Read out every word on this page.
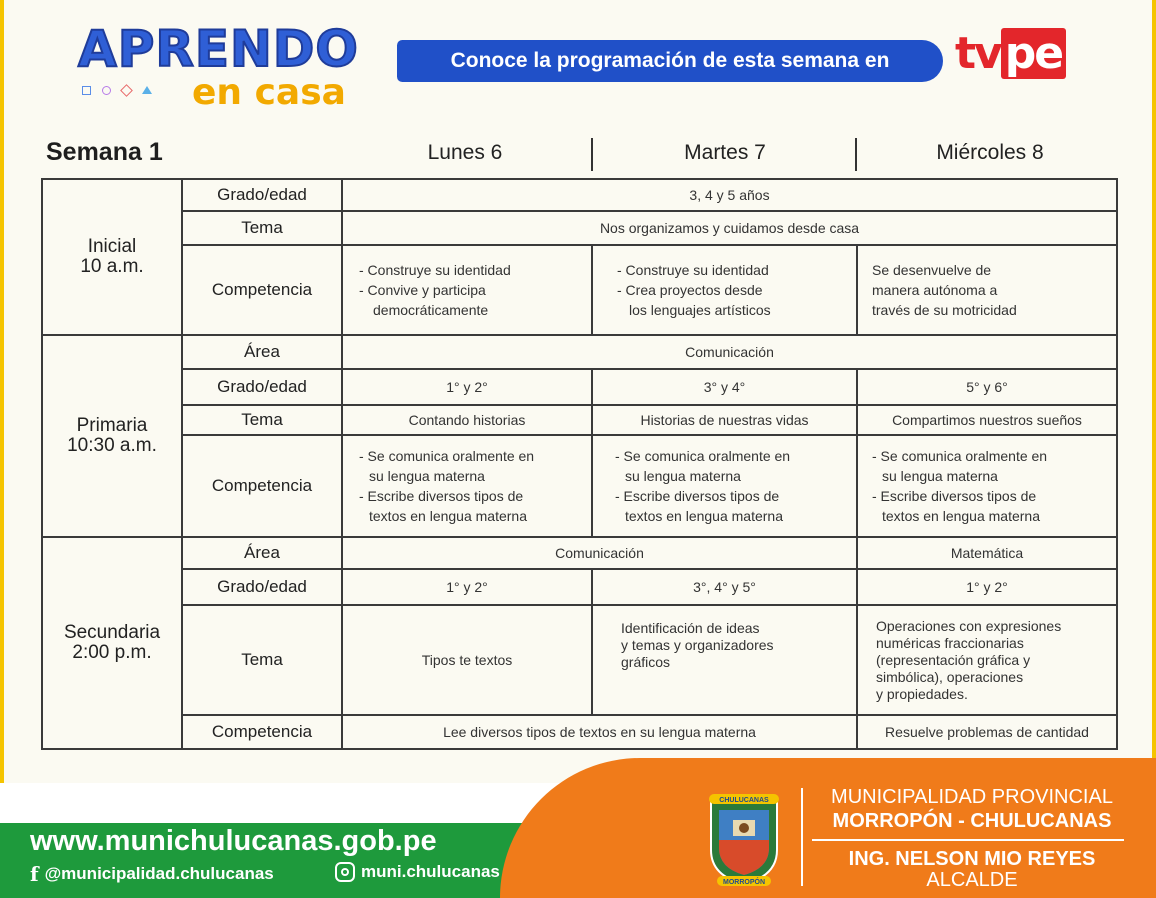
APRENDO
en casa
Conoce la programación de esta semana en	tvpe
Semana 1	Lunes 6	Martes 7	Miércoles 8
Inicial
10 a.m.	Grado/edad	3, 4 y 5 años		
	Tema	Nos organizamos y cuidamos desde casa		
	Competencia	- Construye su identidad
- Convive y participa
democráticamente	- Construye su identidad
- Crea proyectos desde
los lenguajes artísticos	Se desenvuelve de
manera autónoma a
través de su motricidad

Primaria
10:30 a.m.	Área	Comunicación		
	Grado/edad	1° y 2°	3° y 4°	5° y 6°
	Tema	Contando historias	Historias de nuestras vidas	Compartimos nuestros sueños
	Competencia	- Se comunica oralmente en
su lengua materna
- Escribe diversos tipos de
textos en lengua materna	- Se comunica oralmente en
su lengua materna
- Escribe diversos tipos de
textos en lengua materna	- Se comunica oralmente en
su lengua materna
- Escribe diversos tipos de
textos en lengua materna

Secundaria
2:00 p.m.	Área	Comunicación		Matemática
	Grado/edad	1° y 2°	3°, 4° y 5°	1° y 2°
	Tema	Tipos te textos	Identificación de ideas
y temas y organizadores
gráficos	Operaciones con expresiones
numéricas fraccionarias
(representación gráfica y
simbólica), operaciones
y propiedades.

	Competencia	Lee diversos tipos de textos en su lengua materna		Resuelve problemas de cantidad
www.munichulucanas.gob.pe
f @municipalidad.chulucanas	muni.chulucanas
CHULUCANAS
MORROPÓN
MUNICIPALIDAD PROVINCIAL
MORROPÓN - CHULUCANAS
ING. NELSON MIO REYES
ALCALDE
